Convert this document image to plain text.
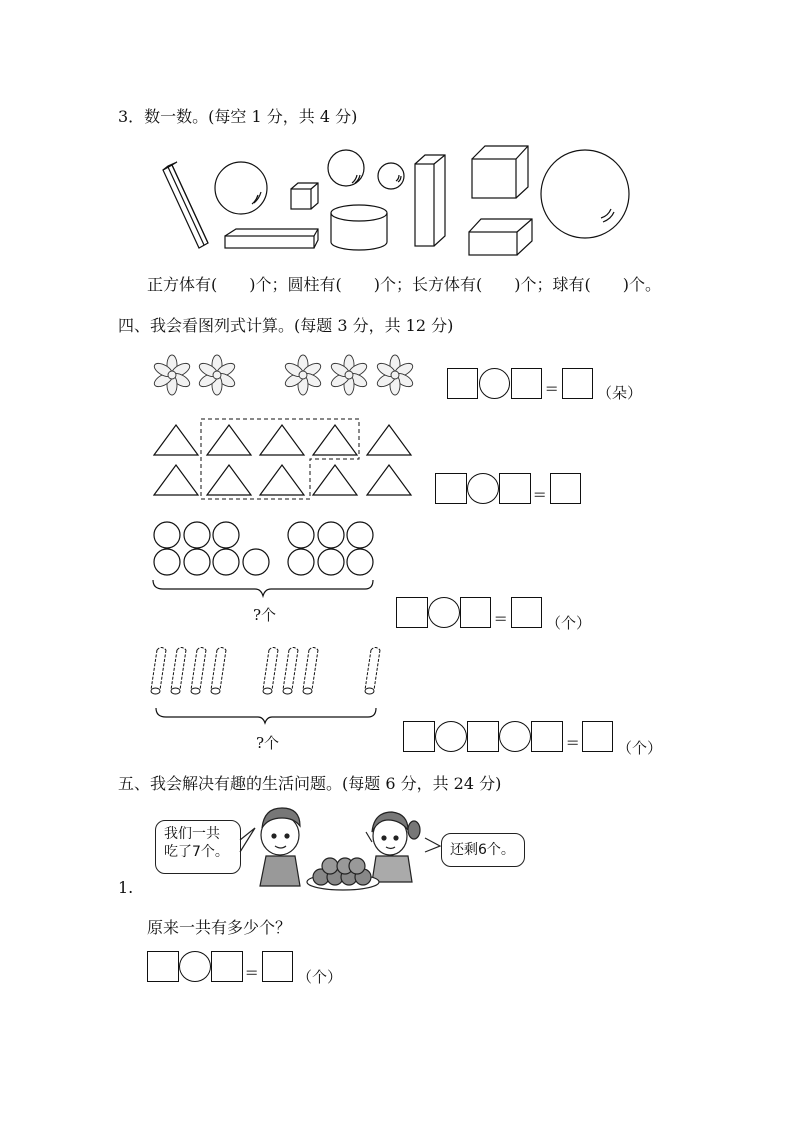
3．数一数。(每空 1 分，共 4 分)
正方体有(　　)个；圆柱有(　　)个；长方体有(　　)个；球有(　　)个。
四、我会看图列式计算。(每题 3 分，共 12 分)
=	（朵）
=
?个	=	（个）
?个	=	（个）
五、我会解决有趣的生活问题。(每题 6 分，共 24 分)
我们一共
吃了7个。	还剩6个。
1.
原来一共有多少个？
=	（个）
